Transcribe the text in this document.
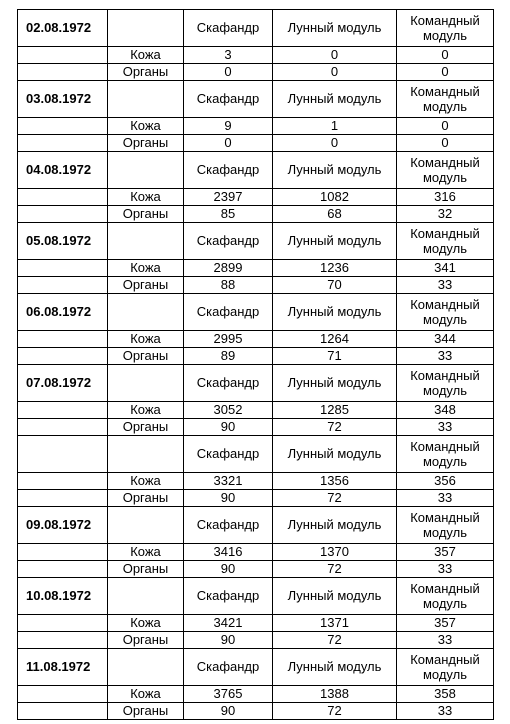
02.08.1972		Скафандр	Лунный модуль	Командный модуль
	Кожа	3	0	0
	Органы	0	0	0
03.08.1972		Скафандр	Лунный модуль	Командный модуль
	Кожа	9	1	0
	Органы	0	0	0
04.08.1972		Скафандр	Лунный модуль	Командный модуль
	Кожа	2397	1082	316
	Органы	85	68	32
05.08.1972		Скафандр	Лунный модуль	Командный модуль
	Кожа	2899	1236	341
	Органы	88	70	33
06.08.1972		Скафандр	Лунный модуль	Командный модуль
	Кожа	2995	1264	344
	Органы	89	71	33
07.08.1972		Скафандр	Лунный модуль	Командный модуль
	Кожа	3052	1285	348
	Органы	90	72	33
		Скафандр	Лунный модуль	Командный модуль
	Кожа	3321	1356	356
	Органы	90	72	33
09.08.1972		Скафандр	Лунный модуль	Командный модуль
	Кожа	3416	1370	357
	Органы	90	72	33
10.08.1972		Скафандр	Лунный модуль	Командный модуль
	Кожа	3421	1371	357
	Органы	90	72	33
11.08.1972		Скафандр	Лунный модуль	Командный модуль
	Кожа	3765	1388	358
	Органы	90	72	33
